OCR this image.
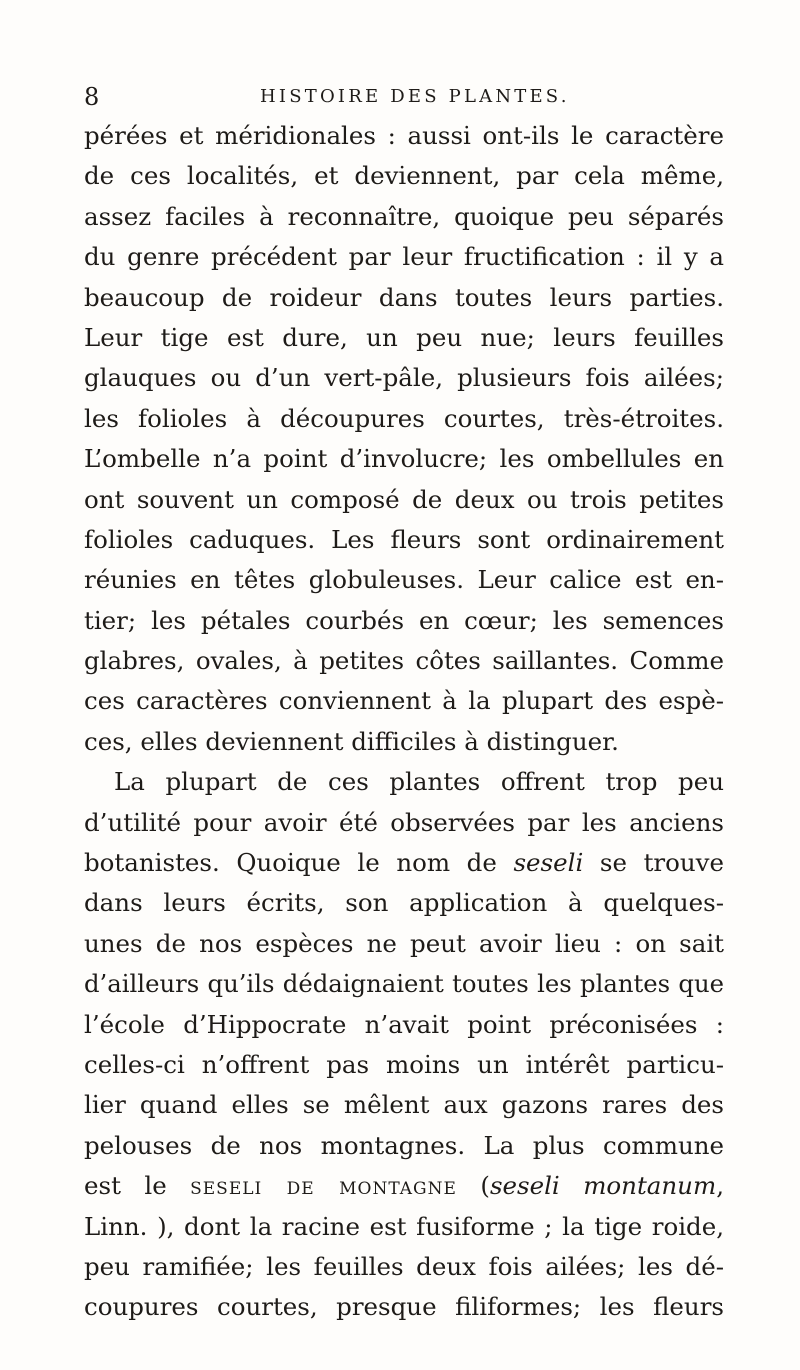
8	HISTOIRE DES PLANTES.
pérées et méridionales : aussi ont-ils le caractère
de ces localités, et deviennent, par cela même,
assez faciles à reconnaître, quoique peu séparés
du genre précédent par leur fructification : il y a
beaucoup de roideur dans toutes leurs parties.
Leur tige est dure, un peu nue; leurs feuilles
glauques ou d’un vert-pâle, plusieurs fois ailées;
les folioles à découpures courtes, très-étroites.
L’ombelle n’a point d’involucre; les ombellules en
ont souvent un composé de deux ou trois petites
folioles caduques. Les fleurs sont ordinairement
réunies en têtes globuleuses. Leur calice est en-
tier; les pétales courbés en cœur; les semences
glabres, ovales, à petites côtes saillantes. Comme
ces caractères conviennent à la plupart des espè-
ces, elles deviennent difficiles à distinguer.
La plupart de ces plantes offrent trop peu
d’utilité pour avoir été observées par les anciens
botanistes. Quoique le nom de seseli se trouve
dans leurs écrits, son application à quelques-
unes de nos espèces ne peut avoir lieu : on sait
d’ailleurs qu’ils dédaignaient toutes les plantes que
l’école d’Hippocrate n’avait point préconisées :
celles-ci n’offrent pas moins un intérêt particu-
lier quand elles se mêlent aux gazons rares des
pelouses de nos montagnes. La plus commune
est le seseli de montagne (seseli montanum,
Linn. ), dont la racine est fusiforme ; la tige roide,
peu ramifiée; les feuilles deux fois ailées; les dé-
coupures courtes, presque filiformes; les fleurs
